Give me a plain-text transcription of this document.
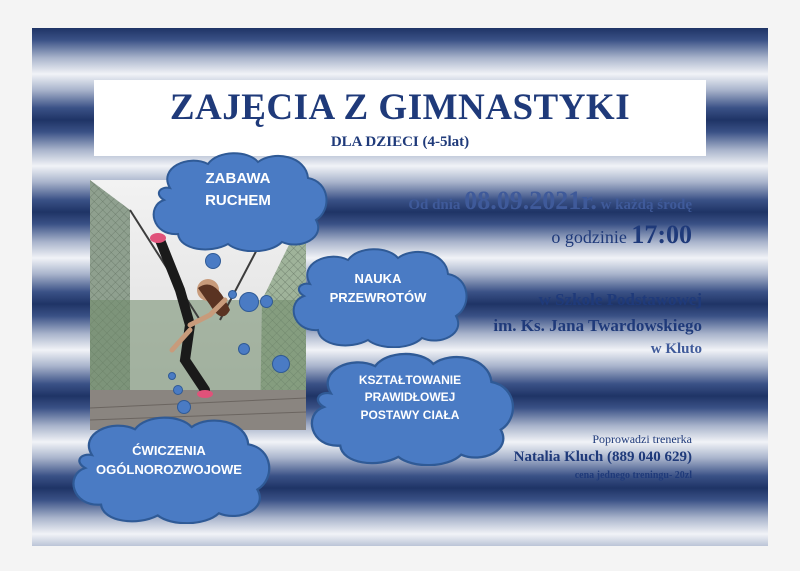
ZAJĘCIA Z GIMNASTYKI
DLA DZIECI (4-5lat)
ZABAWA
RUCHEM
NAUKA
PRZEWROTÓW
KSZTAŁTOWANIE
PRAWIDŁOWEJ
POSTAWY CIAŁA
ĆWICZENIA
OGÓLNOROZWOJOWE
Od dnia 08.09.2021r. w każdą środę
o godzinie 17:00
w Szkole Podstawowej
im. Ks. Jana Twardowskiego
w Kluto
Poprowadzi trenerka
Natalia Kluch (889 040 629)
cena jednego treningu- 20zl
